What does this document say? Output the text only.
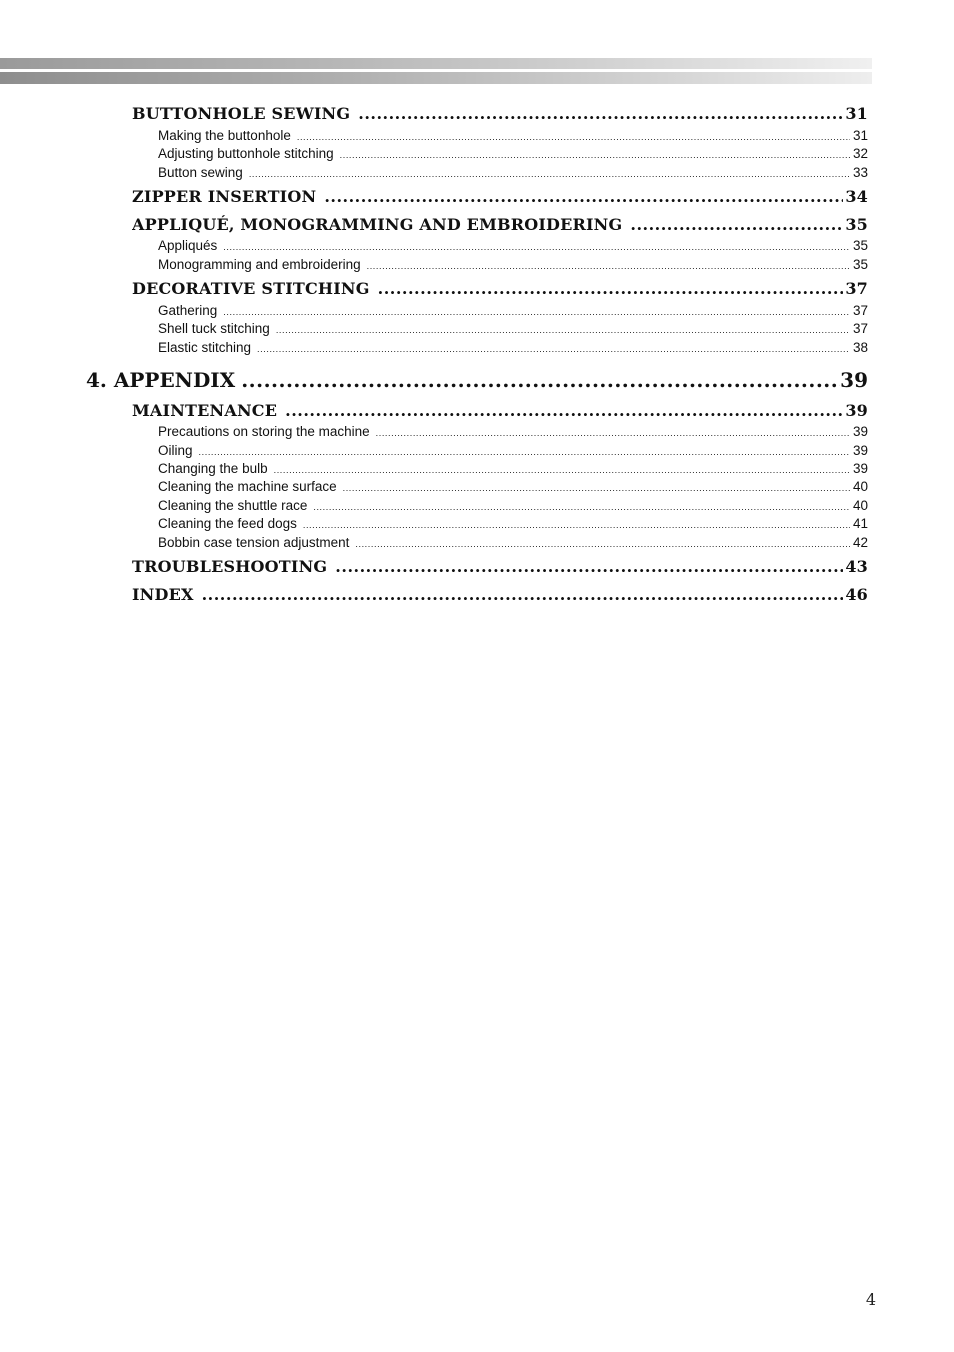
BUTTONHOLE SEWING .....	31
Making the buttonhole .....	31
Adjusting buttonhole stitching .....	32
Button sewing .....	33
ZIPPER INSERTION .....	34
APPLIQUÉ, MONOGRAMMING AND EMBROIDERING .....	35
Appliqués .....	35
Monogramming and embroidering .....	35
DECORATIVE STITCHING .....	37
Gathering .....	37
Shell tuck stitching .....	37
Elastic stitching .....	38
4. APPENDIX .....	39
MAINTENANCE .....	39
Precautions on storing the machine .....	39
Oiling .....	39
Changing the bulb .....	39
Cleaning the machine surface .....	40
Cleaning the shuttle race .....	40
Cleaning the feed dogs .....	41
Bobbin case tension adjustment .....	42
TROUBLESHOOTING .....	43
INDEX .....	46
4
